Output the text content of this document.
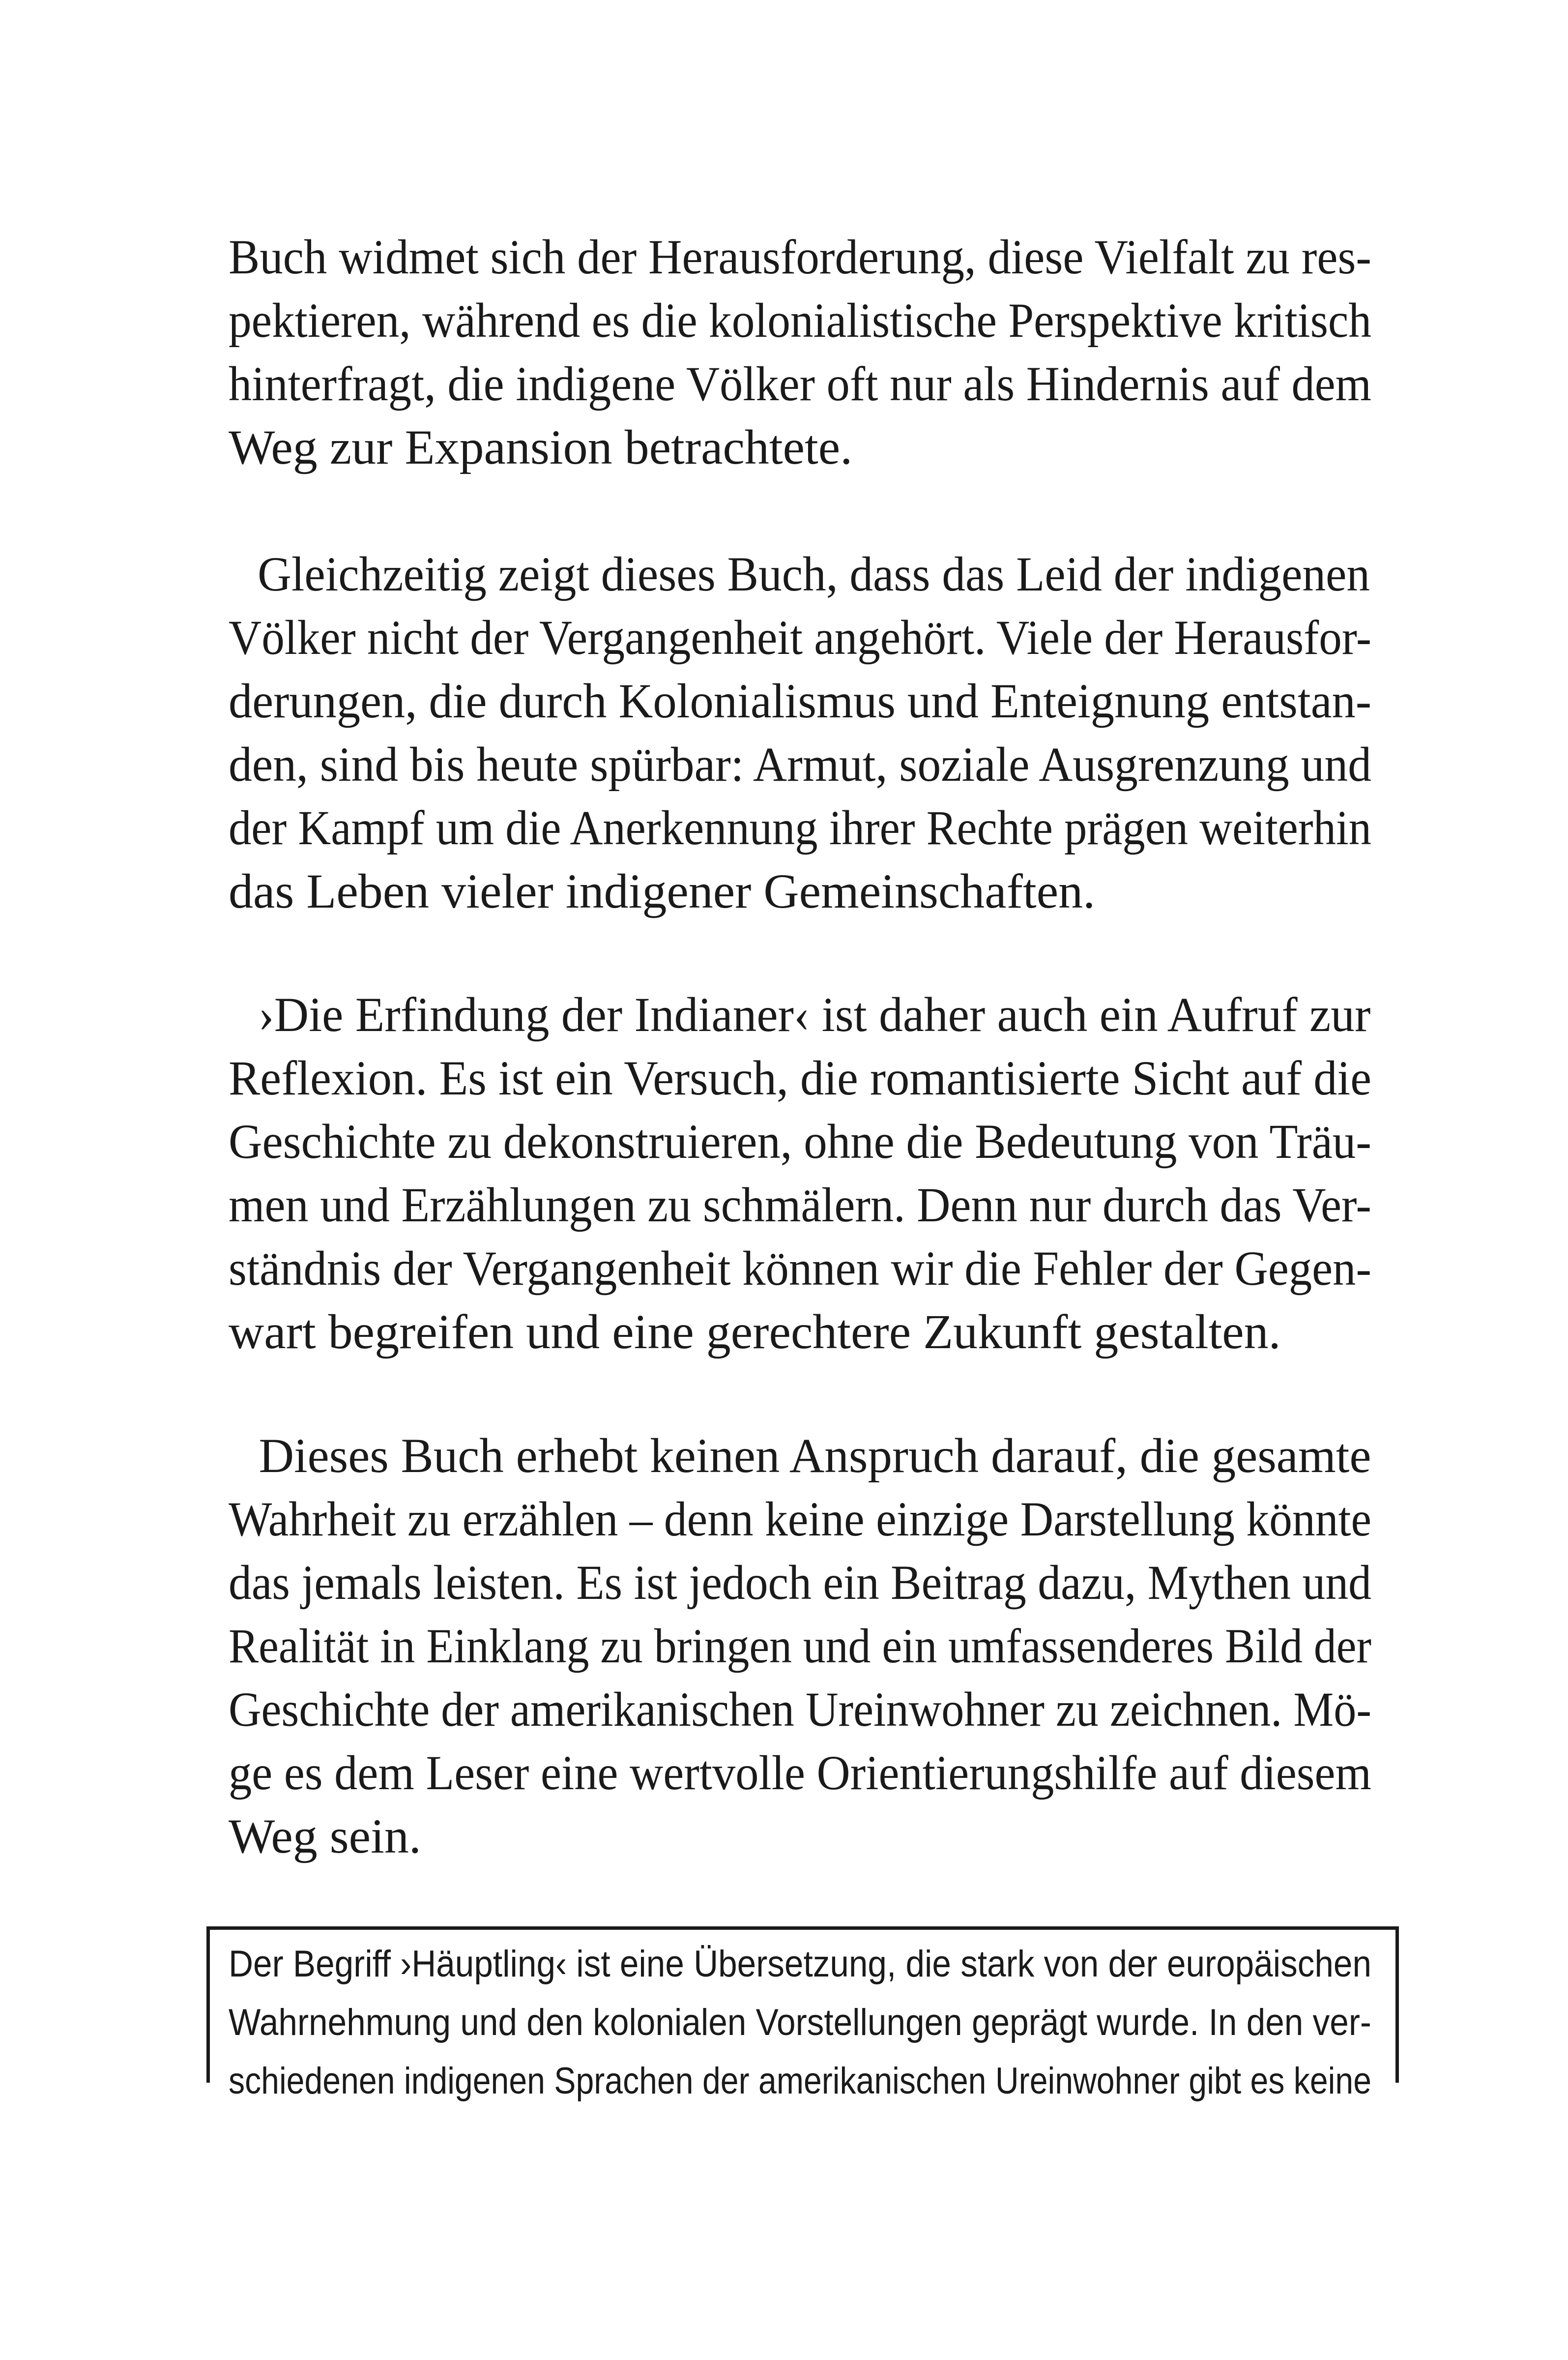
Buch widmet sich der Herausforderung, diese Vielfalt zu res-
pektieren, während es die kolonialistische Perspektive kritisch
hinterfragt, die indigene Völker oft nur als Hindernis auf dem
Weg zur Expansion betrachtete.
Gleichzeitig zeigt dieses Buch, dass das Leid der indigenen
Völker nicht der Vergangenheit angehört. Viele der Herausfor-
derungen, die durch Kolonialismus und Enteignung entstan-
den, sind bis heute spürbar: Armut, soziale Ausgrenzung und
der Kampf um die Anerkennung ihrer Rechte prägen weiterhin
das Leben vieler indigener Gemeinschaften.
›Die Erfindung der Indianer‹ ist daher auch ein Aufruf zur
Reflexion. Es ist ein Versuch, die romantisierte Sicht auf die
Geschichte zu dekonstruieren, ohne die Bedeutung von Träu-
men und Erzählungen zu schmälern. Denn nur durch das Ver-
ständnis der Vergangenheit können wir die Fehler der Gegen-
wart begreifen und eine gerechtere Zukunft gestalten.
Dieses Buch erhebt keinen Anspruch darauf, die gesamte
Wahrheit zu erzählen – denn keine einzige Darstellung könnte
das jemals leisten. Es ist jedoch ein Beitrag dazu, Mythen und
Realität in Einklang zu bringen und ein umfassenderes Bild der
Geschichte der amerikanischen Ureinwohner zu zeichnen. Mö-
ge es dem Leser eine wertvolle Orientierungshilfe auf diesem
Weg sein.
Der Begriff ›Häuptling‹ ist eine Übersetzung, die stark von der europäischen
Wahrnehmung und den kolonialen Vorstellungen geprägt wurde. In den ver-
schiedenen indigenen Sprachen der amerikanischen Ureinwohner gibt es keine
